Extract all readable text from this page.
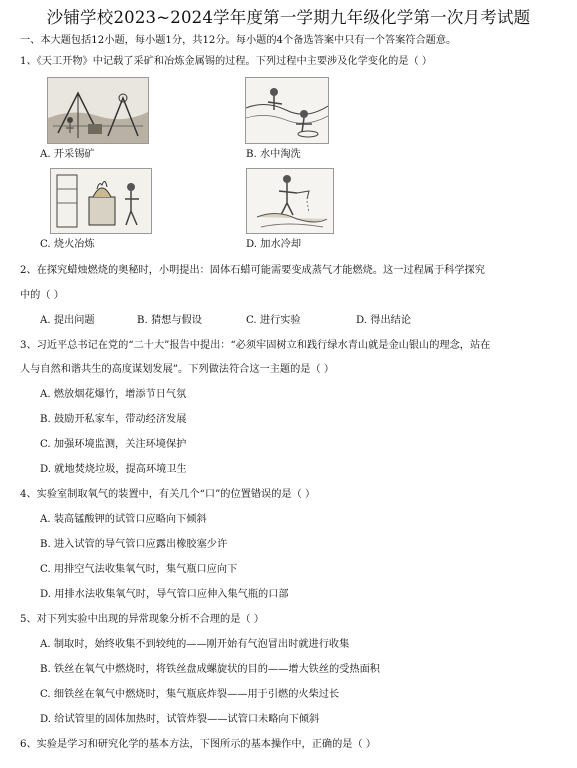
沙铺学校2023~2024学年度第一学期九年级化学第一次月考试题
一、本大题包括12小题，每小题1分，共12分。每小题的4个备选答案中只有一个答案符合题意。
1、《天工开物》中记载了采矿和冶炼金属锡的过程。下列过程中主要涉及化学变化的是（ ）
A. 开采锡矿	B. 水中淘洗
C. 烧火冶炼	D. 加水冷却
2、在探究蜡烛燃烧的奥秘时，小明提出：固体石蜡可能需要变成蒸气才能燃烧。这一过程属于科学探究
中的（ ）
A. 提出问题	B. 猜想与假设	C. 进行实验	D. 得出结论
3、习近平总书记在党的“二十大”报告中提出：“必须牢固树立和践行绿水青山就是金山银山的理念，站在
人与自然和谐共生的高度谋划发展”。下列做法符合这一主题的是（ ）
A. 燃放烟花爆竹，增添节日气氛
B. 鼓励开私家车，带动经济发展
C. 加强环境监测，关注环境保护
D. 就地焚烧垃圾，提高环境卫生
4、实验室制取氧气的装置中，有关几个“口”的位置错误的是（ ）
A. 装高锰酸钾的试管口应略向下倾斜
B. 进入试管的导气管口应露出橡胶塞少许
C. 用排空气法收集氧气时，集气瓶口应向下
D. 用排水法收集氧气时，导气管口应伸入集气瓶的口部
5、对下列实验中出现的异常现象分析不合理的是（ ）
A. 制取时，始终收集不到较纯的——刚开始有气泡冒出时就进行收集
B. 铁丝在氧气中燃烧时，将铁丝盘成螺旋状的目的——增大铁丝的受热面积
C. 细铁丝在氧气中燃烧时，集气瓶底炸裂——用于引燃的火柴过长
D. 给试管里的固体加热时，试管炸裂——试管口未略向下倾斜
6、实验是学习和研究化学的基本方法，下图所示的基本操作中，正确的是（ ）
